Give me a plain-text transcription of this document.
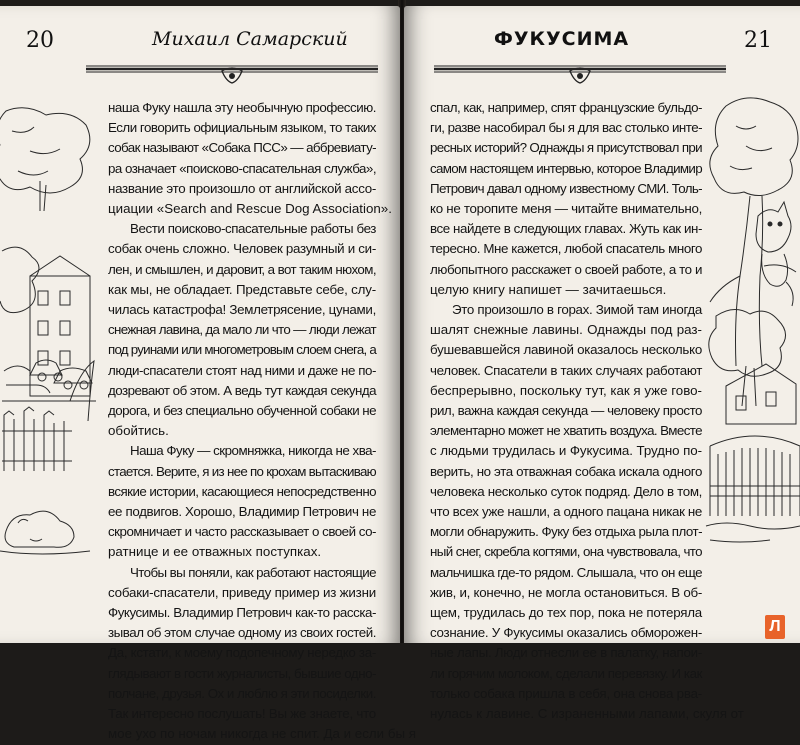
20	Михаил Самарский
наша Фуку нашла эту необычную профессию.
Если говорить официальным языком, то таких
собак называют «Собака ПСС» — аббревиату-
ра означает «поисково-спасательная служба»,
название это произошло от английской ассо-
циации «Search and Rescue Dog Association».
Вести поисково-спасательные работы без
собак очень сложно. Человек разумный и си-
лен, и смышлен, и даровит, а вот таким нюхом,
как мы, не обладает. Представьте себе, слу-
чилась катастрофа! Землетрясение, цунами,
снежная лавина, да мало ли что — люди лежат
под руинами или многометровым слоем снега, а
люди-спасатели стоят над ними и даже не по-
дозревают об этом. А ведь тут каждая секунда
дорога, и без специально обученной собаки не
обойтись.
Наша Фуку — скромняжка, никогда не хва-
стается. Верите, я из нее по крохам вытаскиваю
всякие истории, касающиеся непосредственно
ее подвигов. Хорошо, Владимир Петрович не
скромничает и часто рассказывает о своей со-
ратнице и ее отважных поступках.
Чтобы вы поняли, как работают настоящие
собаки-спасатели, приведу пример из жизни
Фукусимы. Владимир Петрович как-то расска-
зывал об этом случае одному из своих гостей.
Да, кстати, к моему подопечному нередко за-
глядывают в гости журналисты, бывшие одно-
полчане, друзья. Ох и люблю я эти посиделки.
Так интересно послушать! Вы же знаете, что
мое ухо по ночам никогда не спит. Да и если бы я
ФУКУСИМА	21
спал, как, например, спят французские бульдо-
ги, разве насобирал бы я для вас столько инте-
ресных историй? Однажды я присутствовал при
самом настоящем интервью, которое Владимир
Петрович давал одному известному СМИ. Толь-
ко не торопите меня — читайте внимательно,
все найдете в следующих главах. Жуть как ин-
тересно. Мне кажется, любой спасатель много
любопытного расскажет о своей работе, а то и
целую книгу напишет — зачитаешься.
Это произошло в горах. Зимой там иногда
шалят снежные лавины. Однажды под раз-
бушевавшейся лавиной оказалось несколько
человек. Спасатели в таких случаях работают
беспрерывно, поскольку тут, как я уже гово-
рил, важна каждая секунда — человеку просто
элементарно может не хватить воздуха. Вместе
с людьми трудилась и Фукусима. Трудно по-
верить, но эта отважная собака искала одного
человека несколько суток подряд. Дело в том,
что всех уже нашли, а одного пацана никак не
могли обнаружить. Фуку без отдыха рыла плот-
ный снег, скребла когтями, она чувствовала, что
мальчишка где-то рядом. Слышала, что он еще
жив, и, конечно, не могла остановиться. В об-
щем, трудилась до тех пор, пока не потеряла
сознание. У Фукусимы оказались обморожен-
ные лапы. Люди отнесли ее в палатку, напои-
ли горячим молоком, сделали перевязку. И как
только собака пришла в себя, она снова рва-
нулась к лавине. С израненными лапами, скуля от
Л
